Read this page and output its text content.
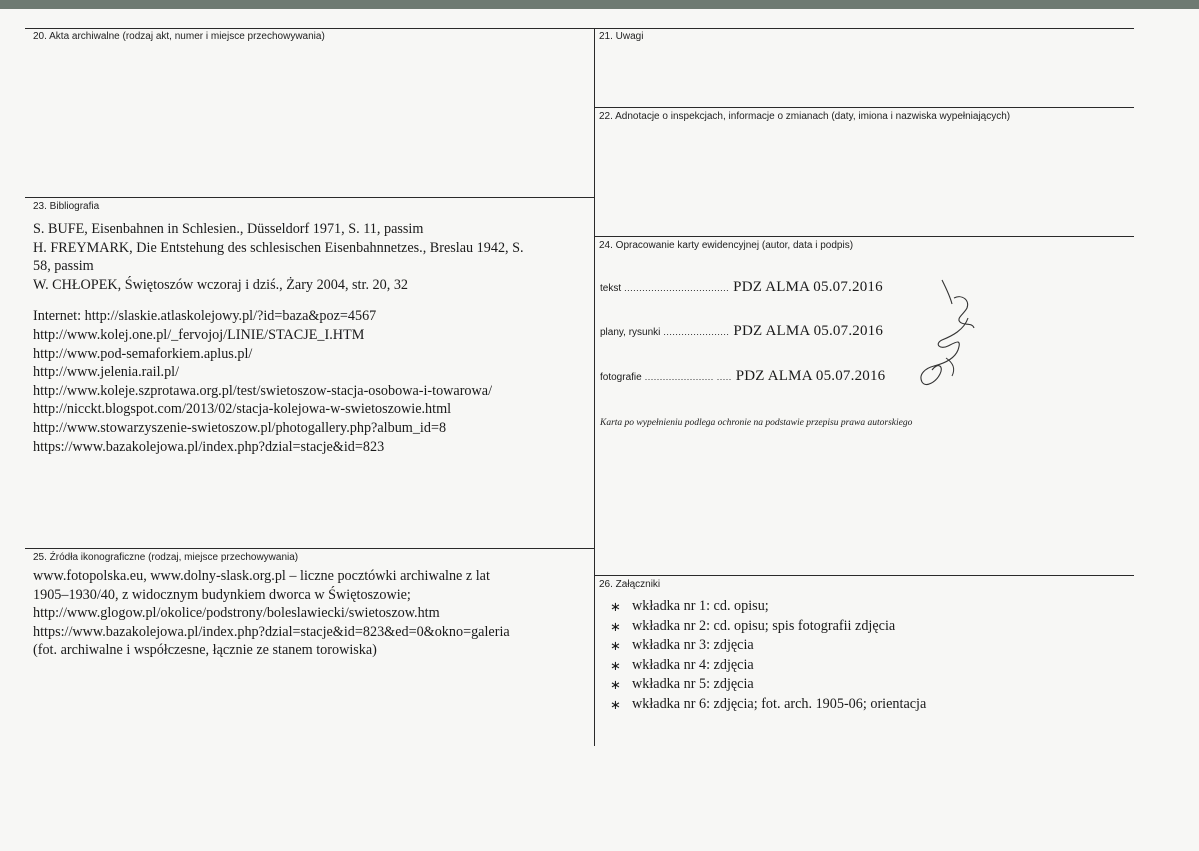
20. Akta archiwalne (rodzaj akt, numer i miejsce przechowywania)	21. Uwagi
22. Adnotacje o inspekcjach, informacje o zmianach (daty, imiona i nazwiska wypełniających)
23. Bibliografia

S. BUFE, Eisenbahnen in Schlesien., Düsseldorf 1971, S. 11, passim

H. FREYMARK, Die Entstehung des schlesischen Eisenbahnnetzes., Breslau 1942, S.

58, passim

W. CHŁOPEK, Świętoszów wczoraj i dziś., Żary 2004, str. 20, 32

Internet: http://slaskie.atlaskolejowy.pl/?id=baza&poz=4567

http://www.kolej.one.pl/_fervojoj/LINIE/STACJE_I.HTM

http://www.pod-semaforkiem.aplus.pl/

http://www.jelenia.rail.pl/

http://www.koleje.szprotawa.org.pl/test/swietoszow-stacja-osobowa-i-towarowa/

http://nicckt.blogspot.com/2013/02/stacja-kolejowa-w-swietoszowie.html

http://www.stowarzyszenie-swietoszow.pl/photogallery.php?album_id=8

https://www.bazakolejowa.pl/index.php?dzial=stacje&id=823

24. Opracowanie karty ewidencyjnej (autor, data i podpis)
tekst ................................... PDZ ALMA 05.07.2016
plany, rysunki ...................... PDZ ALMA 05.07.2016
fotografie ....................... ..... PDZ ALMA 05.07.2016
Karta po wypełnieniu podlega ochronie na podstawie przepisu prawa autorskiego
25. Źródła ikonograficzne (rodzaj, miejsce przechowywania)

www.fotopolska.eu, www.dolny-slask.org.pl – liczne pocztówki archiwalne z lat

1905–1930/40, z widocznym budynkiem dworca w Świętoszowie;

http://www.glogow.pl/okolice/podstrony/boleslawiecki/swietoszow.htm

https://www.bazakolejowa.pl/index.php?dzial=stacje&id=823&ed=0&okno=galeria

(fot. archiwalne i współczesne, łącznie ze stanem torowiska)

26. Załączniki
∗ wkładka nr 1: cd. opisu;
∗ wkładka nr 2: cd. opisu; spis fotografii zdjęcia
∗ wkładka nr 3: zdjęcia
∗ wkładka nr 4: zdjęcia
∗ wkładka nr 5: zdjęcia
∗ wkładka nr 6: zdjęcia; fot. arch. 1905-06; orientacja
